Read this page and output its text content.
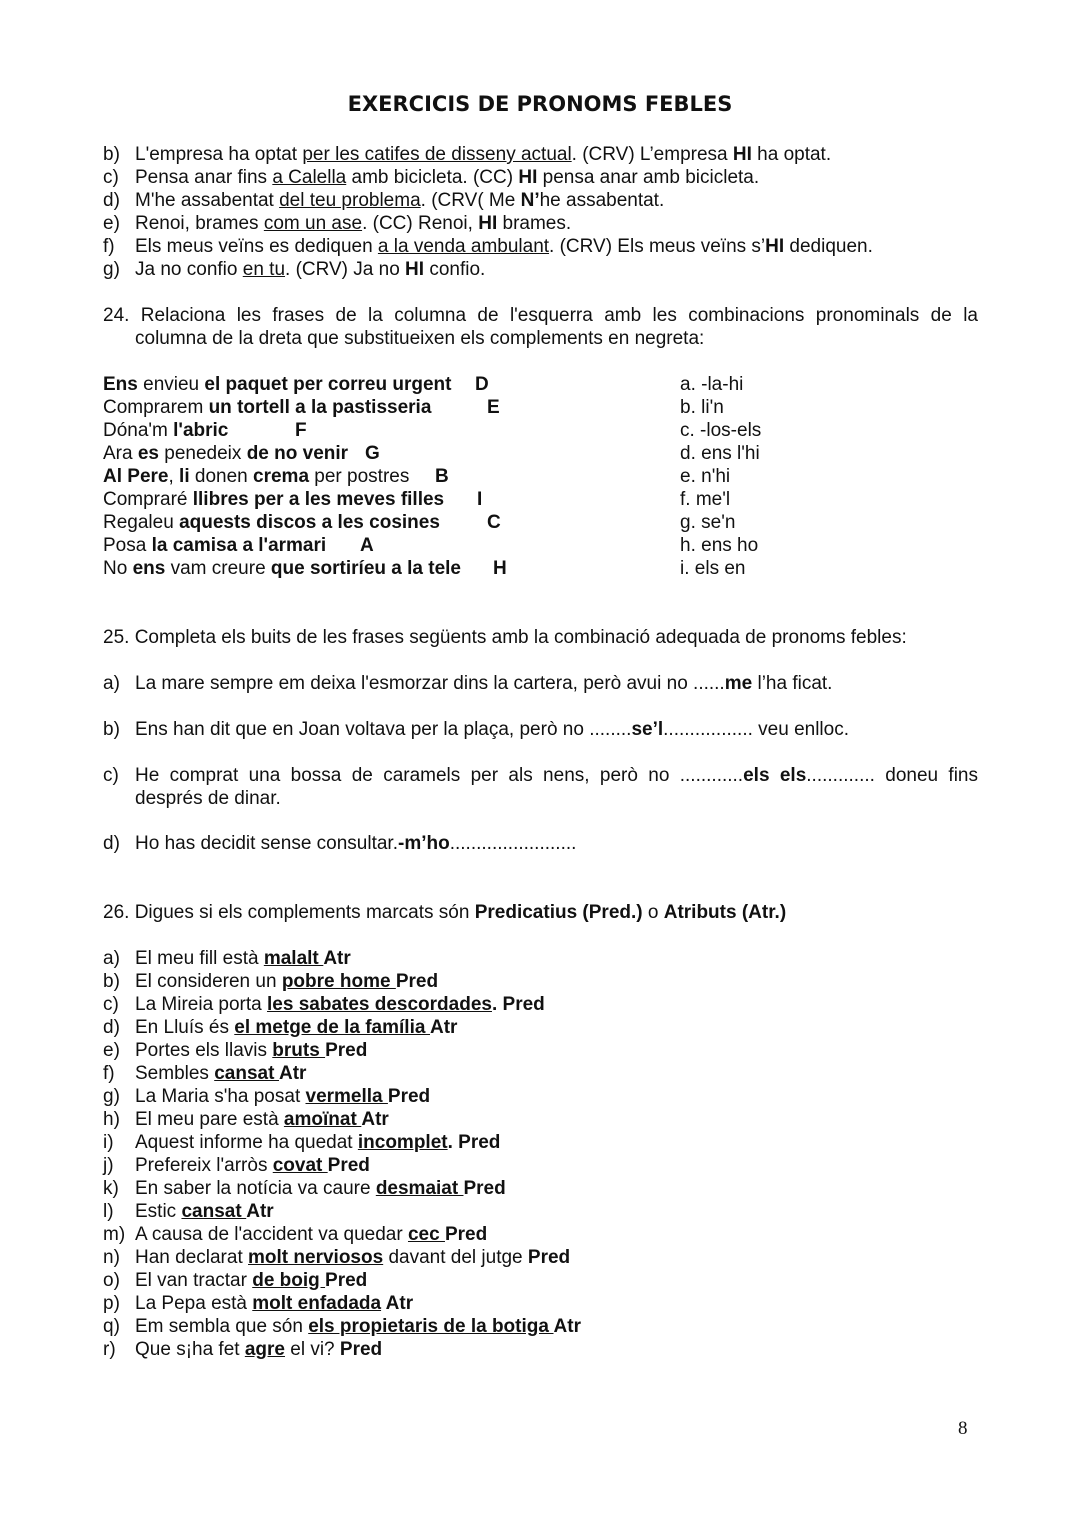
EXERCICIS DE PRONOMS FEBLES
b) L'empresa ha optat per les catifes de disseny actual. (CRV) L’empresa HI ha optat.
c) Pensa anar fins a Calella amb bicicleta. (CC) HI pensa anar amb bicicleta.
d) M'he assabentat del teu problema. (CRV( Me N’he assabentat.
e) Renoi, brames com un ase. (CC) Renoi, HI brames.
f) Els meus veïns es dediquen a la venda ambulant. (CRV) Els meus veïns s’HI dediquen.
g) Ja no confio en tu. (CRV) Ja no HI confio.
24. Relaciona les frases de la columna de l'esquerra amb les combinacions pronominals de la
columna de la dreta que substitueixen els complements en negreta:
Ens envieu el paquet per correu urgent D
Comprarem un tortell a la pastisseria	E
Dóna'm l'abric	F
Ara es penedeix de no venir G
Al Pere, li donen crema per postres B
Compraré llibres per a les meves filles I
Regaleu aquests discos a les cosines C
Posa la camisa a l'armari A
No ens vam creure que sortiríeu a la tele H
a. -la-hi
b. li'n
c. -los-els
d. ens l'hi
e. n'hi
f. me'l
g. se'n
h. ens ho
i. els en
25. Completa els buits de les frases següents amb la combinació adequada de pronoms febles:
a) La mare sempre em deixa l'esmorzar dins la cartera, però avui no ......me l’ha ficat.
b) Ens han dit que en Joan voltava per la plaça, però no ........se’l................. veu enlloc.
c) He comprat una bossa de caramels per als nens, però no ............els els............. doneu fins
després de dinar.
d) Ho has decidit sense consultar.-m’ho........................
26. Digues si els complements marcats són Predicatius (Pred.) o Atributs (Atr.)
a) El meu fill està malalt Atr
b) El consideren un pobre home Pred
c) La Mireia porta les sabates descordades. Pred
d) En Lluís és el metge de la família Atr
e) Portes els llavis bruts Pred
f) Sembles cansat Atr
g) La Maria s'ha posat vermella Pred
h) El meu pare està amoïnat Atr
i) Aquest informe ha quedat incomplet. Pred
j) Prefereix l'arròs covat Pred
k) En saber la notícia va caure desmaiat Pred
l) Estic cansat Atr
m) A causa de l'accident va quedar cec Pred
n) Han declarat molt nerviosos davant del jutge Pred
o) El van tractar de boig Pred
p) La Pepa està molt enfadada Atr
q) Em sembla que són els propietaris de la botiga Atr
r) Que s¡ha fet agre el vi? Pred
8
